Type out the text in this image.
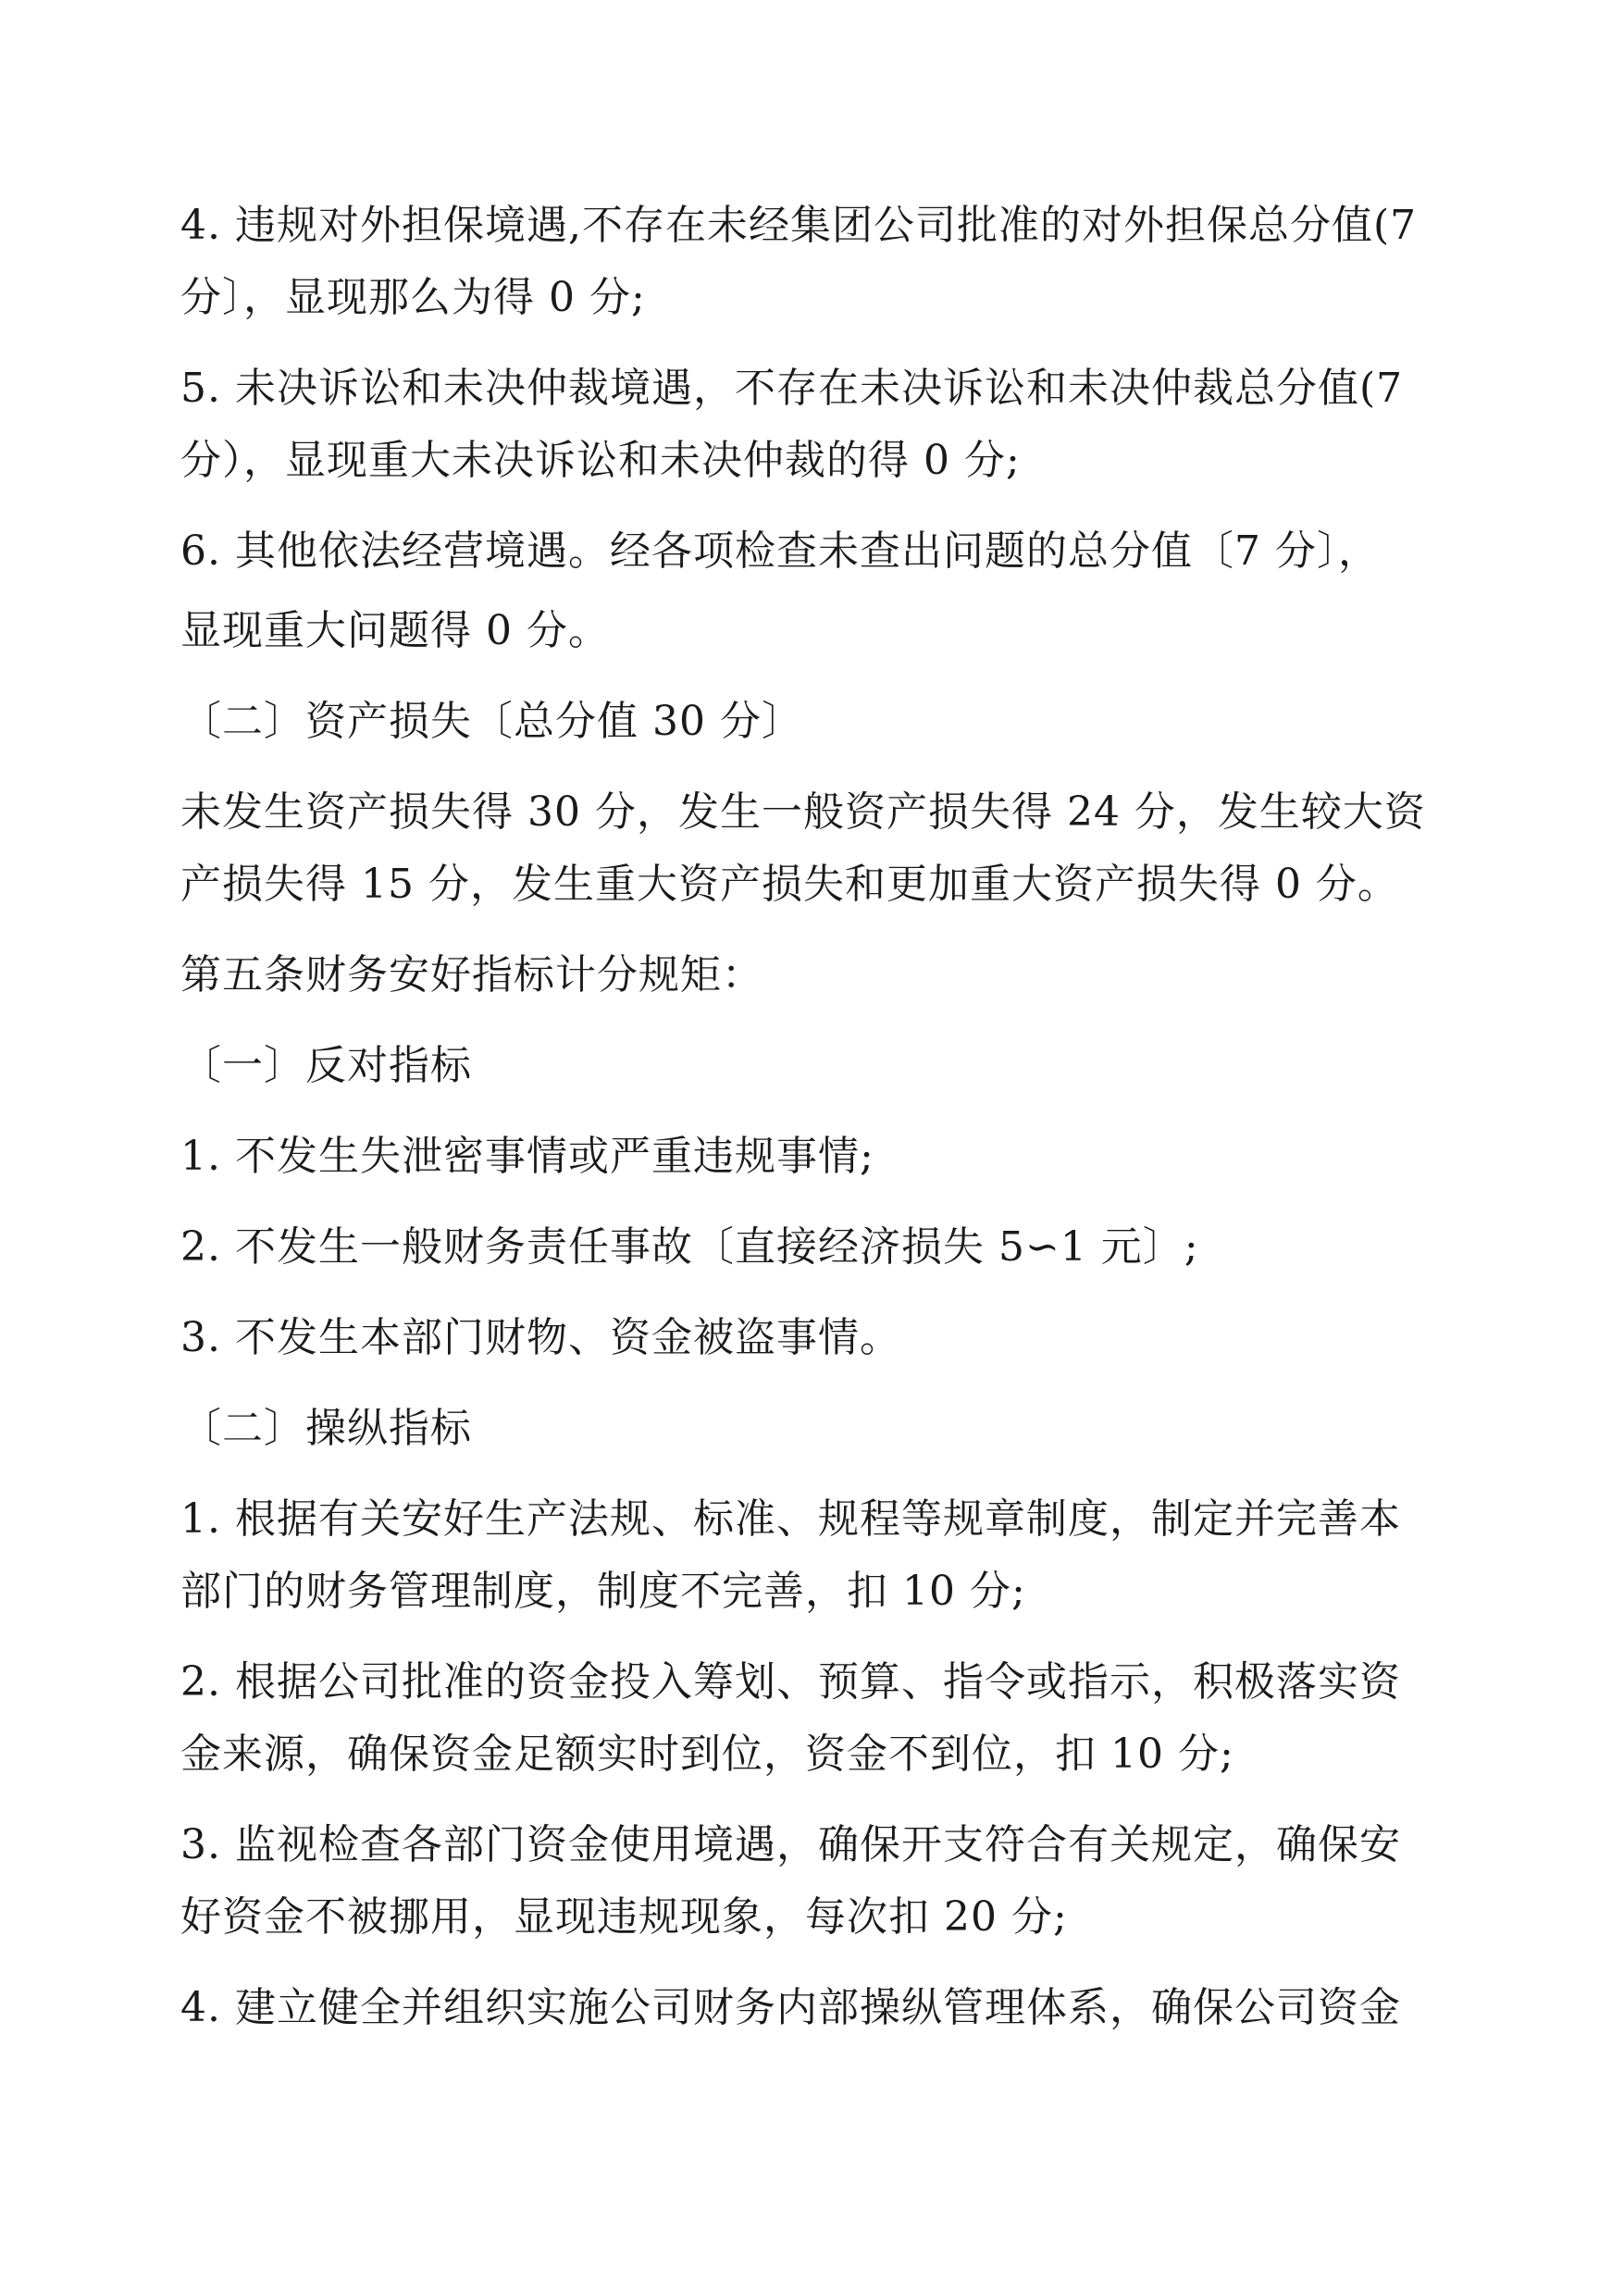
4. 违规对外担保境遇,不存在未经集团公司批准的对外担保总分值(7
分〕，显现那么为得 0 分;
5. 未决诉讼和未决仲裁境遇，不存在未决诉讼和未决仲裁总分值(7
分），显现重大未决诉讼和未决仲裁的得 0 分;
6. 其他依法经营境遇。经各项检查未查出问题的总分值〔7 分〕，
显现重大问题得 0 分。
〔二〕资产损失〔总分值 30 分〕
未发生资产损失得 30 分，发生一般资产损失得 24 分，发生较大资
产损失得 15 分，发生重大资产损失和更加重大资产损失得 0 分。
第五条财务安好指标计分规矩：
〔一〕反对指标
1. 不发生失泄密事情或严重违规事情;
2. 不发生一般财务责任事故〔直接经济损失 5∽1 元〕;
3. 不发生本部门财物、资金被盗事情。
〔二〕操纵指标
1. 根据有关安好生产法规、标准、规程等规章制度，制定并完善本
部门的财务管理制度，制度不完善，扣 10 分;
2. 根据公司批准的资金投入筹划、预算、指令或指示，积极落实资
金来源，确保资金足额实时到位，资金不到位，扣 10 分;
3. 监视检查各部门资金使用境遇，确保开支符合有关规定，确保安
好资金不被挪用，显现违规现象，每次扣 20 分;
4. 建立健全并组织实施公司财务内部操纵管理体系，确保公司资金
